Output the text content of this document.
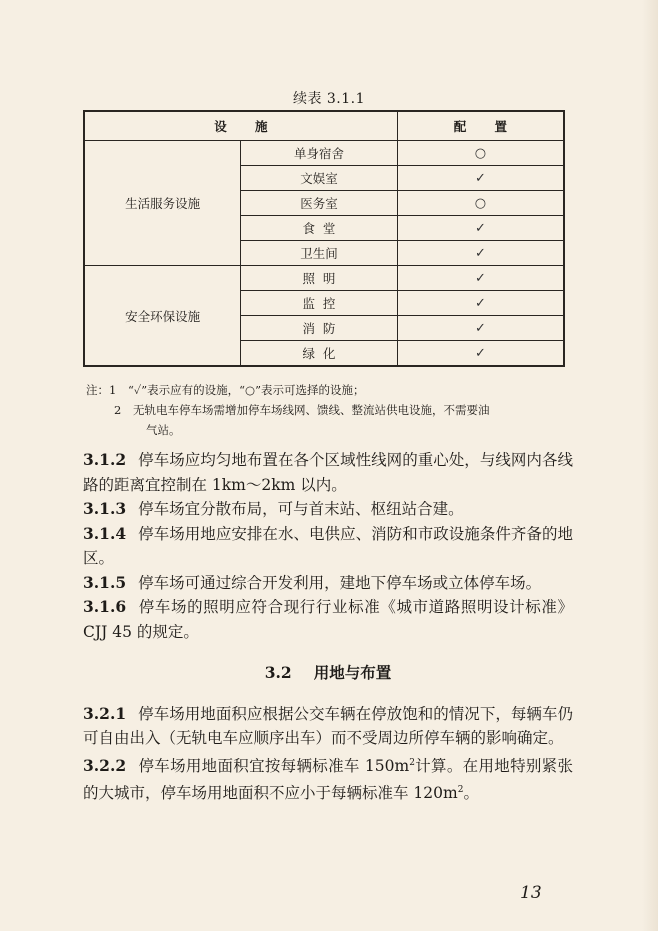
续表 3.1.1
设 施		配 置
生活服务设施	单身宿舍	○
	文娱室	✓
	医务室	○
	食  堂	✓
	卫生间	✓
安全环保设施	照  明	✓
	监  控	✓
	消  防	✓
	绿  化	✓
注：1 “✓”表示应有的设施，“○”表示可选择的设施；
2 无轨电车停车场需增加停车场线网、馈线、整流站供电设施，不需要油
气站。

3.1.2 停车场应均匀地布置在各个区域性线网的重心处，与线网内各线路的距离宜控制在 1km～2km 以内。

3.1.3 停车场宜分散布局，可与首末站、枢纽站合建。

3.1.4 停车场用地应安排在水、电供应、消防和市政设施条件齐备的地区。

3.1.5 停车场可通过综合开发利用，建地下停车场或立体停车场。

3.1.6 停车场的照明应符合现行行业标准《城市道路照明设计标准》CJJ 45 的规定。

3.2 用地与布置

3.2.1 停车场用地面积应根据公交车辆在停放饱和的情况下，每辆车仍可自由出入（无轨电车应顺序出车）而不受周边所停车辆的影响确定。

3.2.2 停车场用地面积宜按每辆标准车 $150m^2$计算。在用地特别紧张的大城市，停车场用地面积不应小于每辆标准车 $120m^2$。

13
